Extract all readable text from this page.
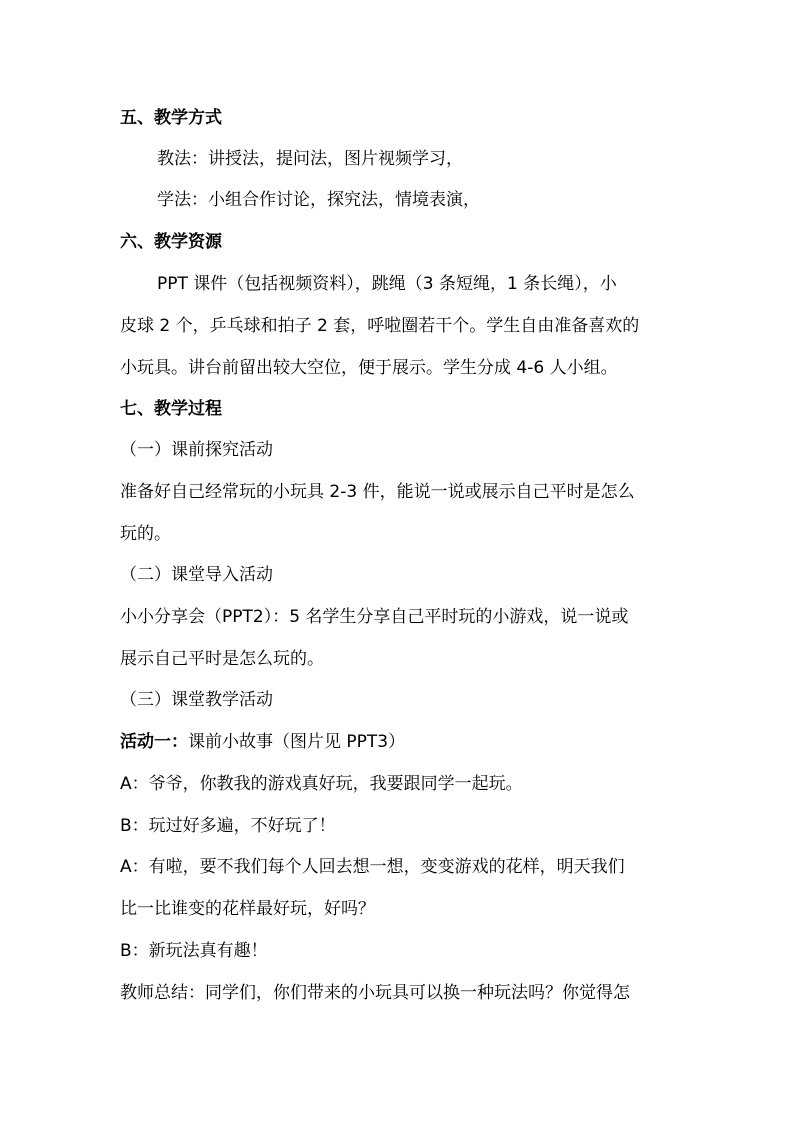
五、教学方式
教法：讲授法，提问法，图片视频学习，
学法：小组合作讨论，探究法，情境表演，
六、教学资源
PPT 课件（包括视频资料），跳绳（3 条短绳，1 条长绳），小
皮球 2 个，乒乓球和拍子 2 套，呼啦圈若干个。学生自由准备喜欢的
小玩具。讲台前留出较大空位，便于展示。学生分成 4-6 人小组。
七、教学过程
（一）课前探究活动
准备好自己经常玩的小玩具 2-3 件，能说一说或展示自己平时是怎么
玩的。
（二）课堂导入活动
小小分享会（PPT2）：5 名学生分享自己平时玩的小游戏，说一说或
展示自己平时是怎么玩的。
（三）课堂教学活动
活动一：课前小故事（图片见 PPT3）
A：爷爷，你教我的游戏真好玩，我要跟同学一起玩。
B：玩过好多遍，不好玩了！
A：有啦，要不我们每个人回去想一想，变变游戏的花样，明天我们
比一比谁变的花样最好玩，好吗？
B：新玩法真有趣！
教师总结：同学们，你们带来的小玩具可以换一种玩法吗？你觉得怎
